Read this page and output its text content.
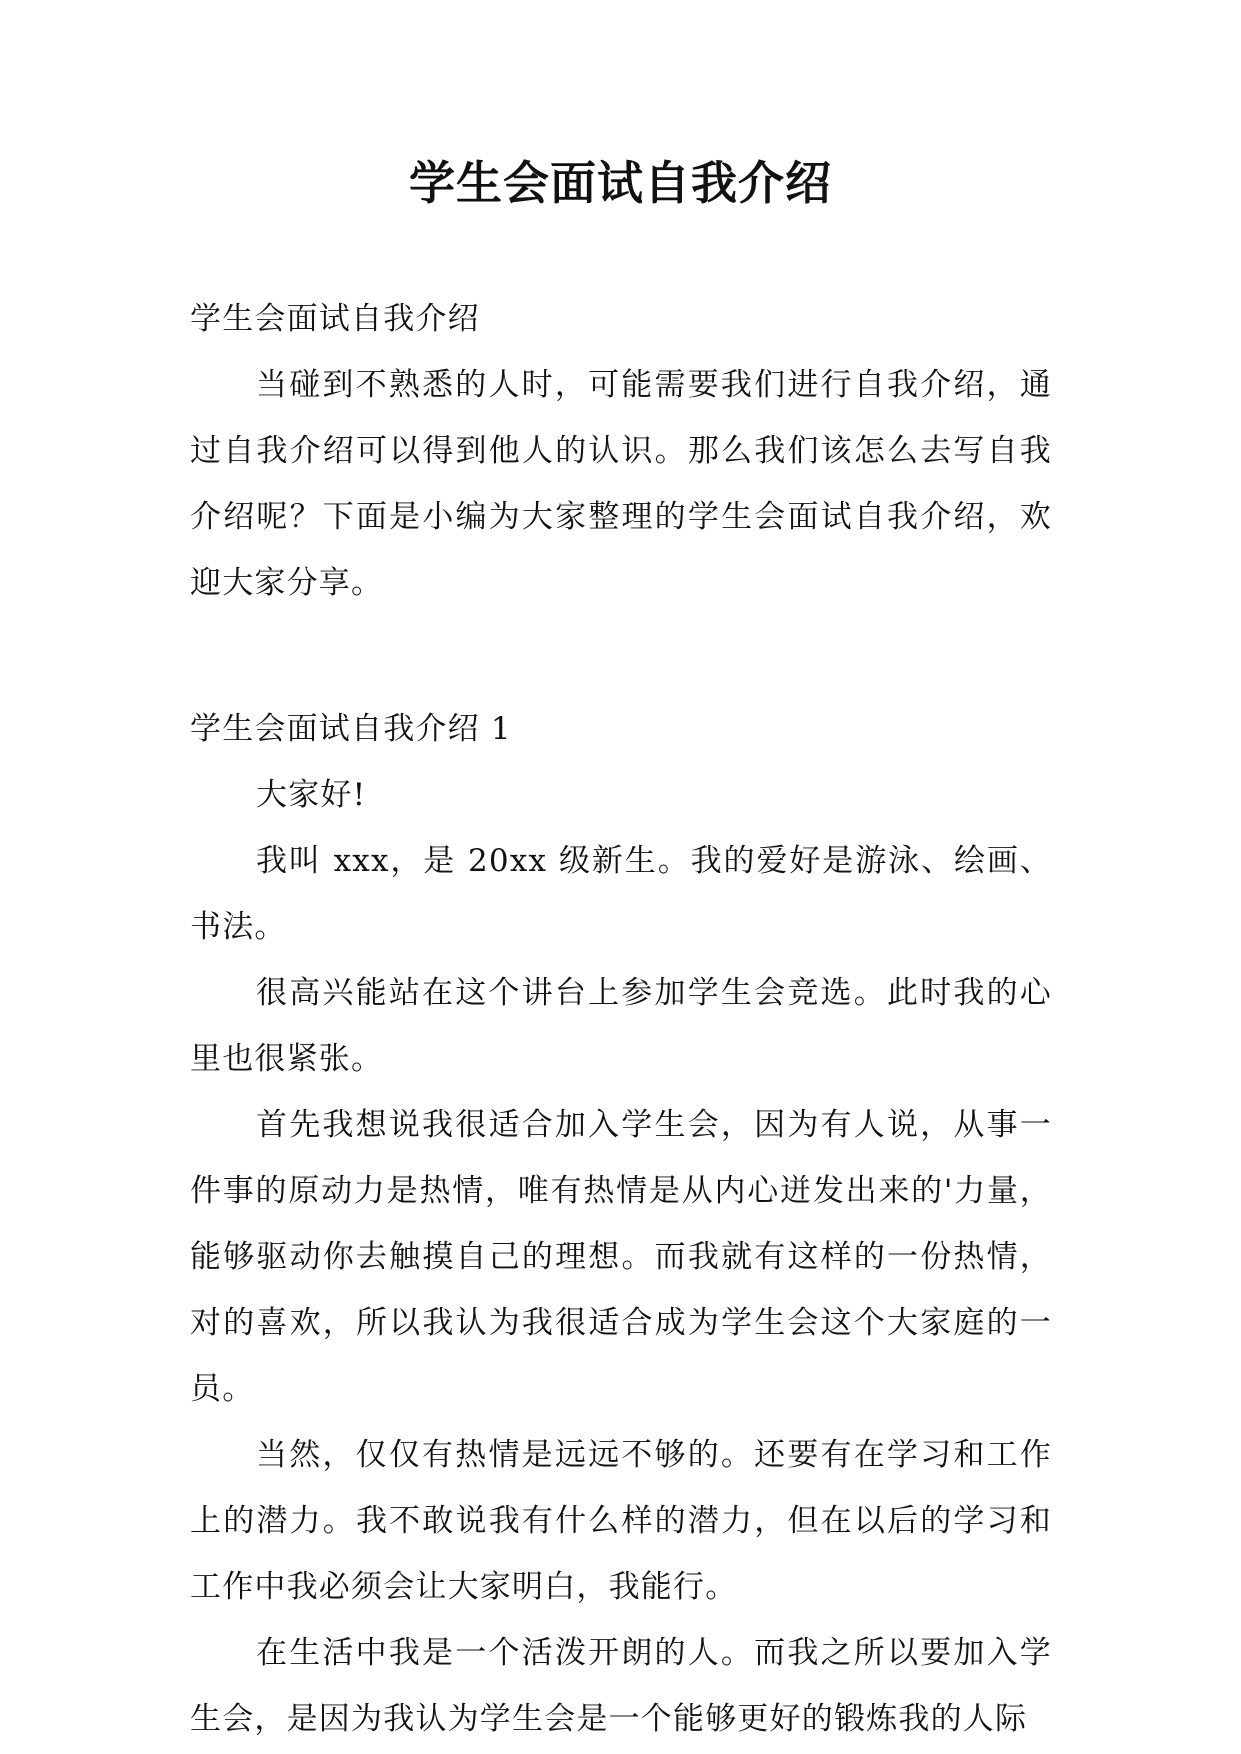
学生会面试自我介绍

学生会面试自我介绍

当碰到不熟悉的人时，可能需要我们进行自我介绍，通过自我介绍可以得到他人的认识。那么我们该怎么去写自我介绍呢？下面是小编为大家整理的学生会面试自我介绍，欢迎大家分享。

学生会面试自我介绍 1

大家好!

我叫 xxx，是 20xx 级新生。我的爱好是游泳、绘画、书法。

很高兴能站在这个讲台上参加学生会竞选。此时我的心里也很紧张。

首先我想说我很适合加入学生会，因为有人说，从事一件事的原动力是热情，唯有热情是从内心迸发出来的'力量，能够驱动你去触摸自己的理想。而我就有这样的一份热情，对的喜欢，所以我认为我很适合成为学生会这个大家庭的一员。

当然，仅仅有热情是远远不够的。还要有在学习和工作上的潜力。我不敢说我有什么样的潜力，但在以后的学习和工作中我必须会让大家明白，我能行。

在生活中我是一个活泼开朗的人。而我之所以要加入学生会，是因为我认为学生会是一个能够更好的锻炼我的人际
